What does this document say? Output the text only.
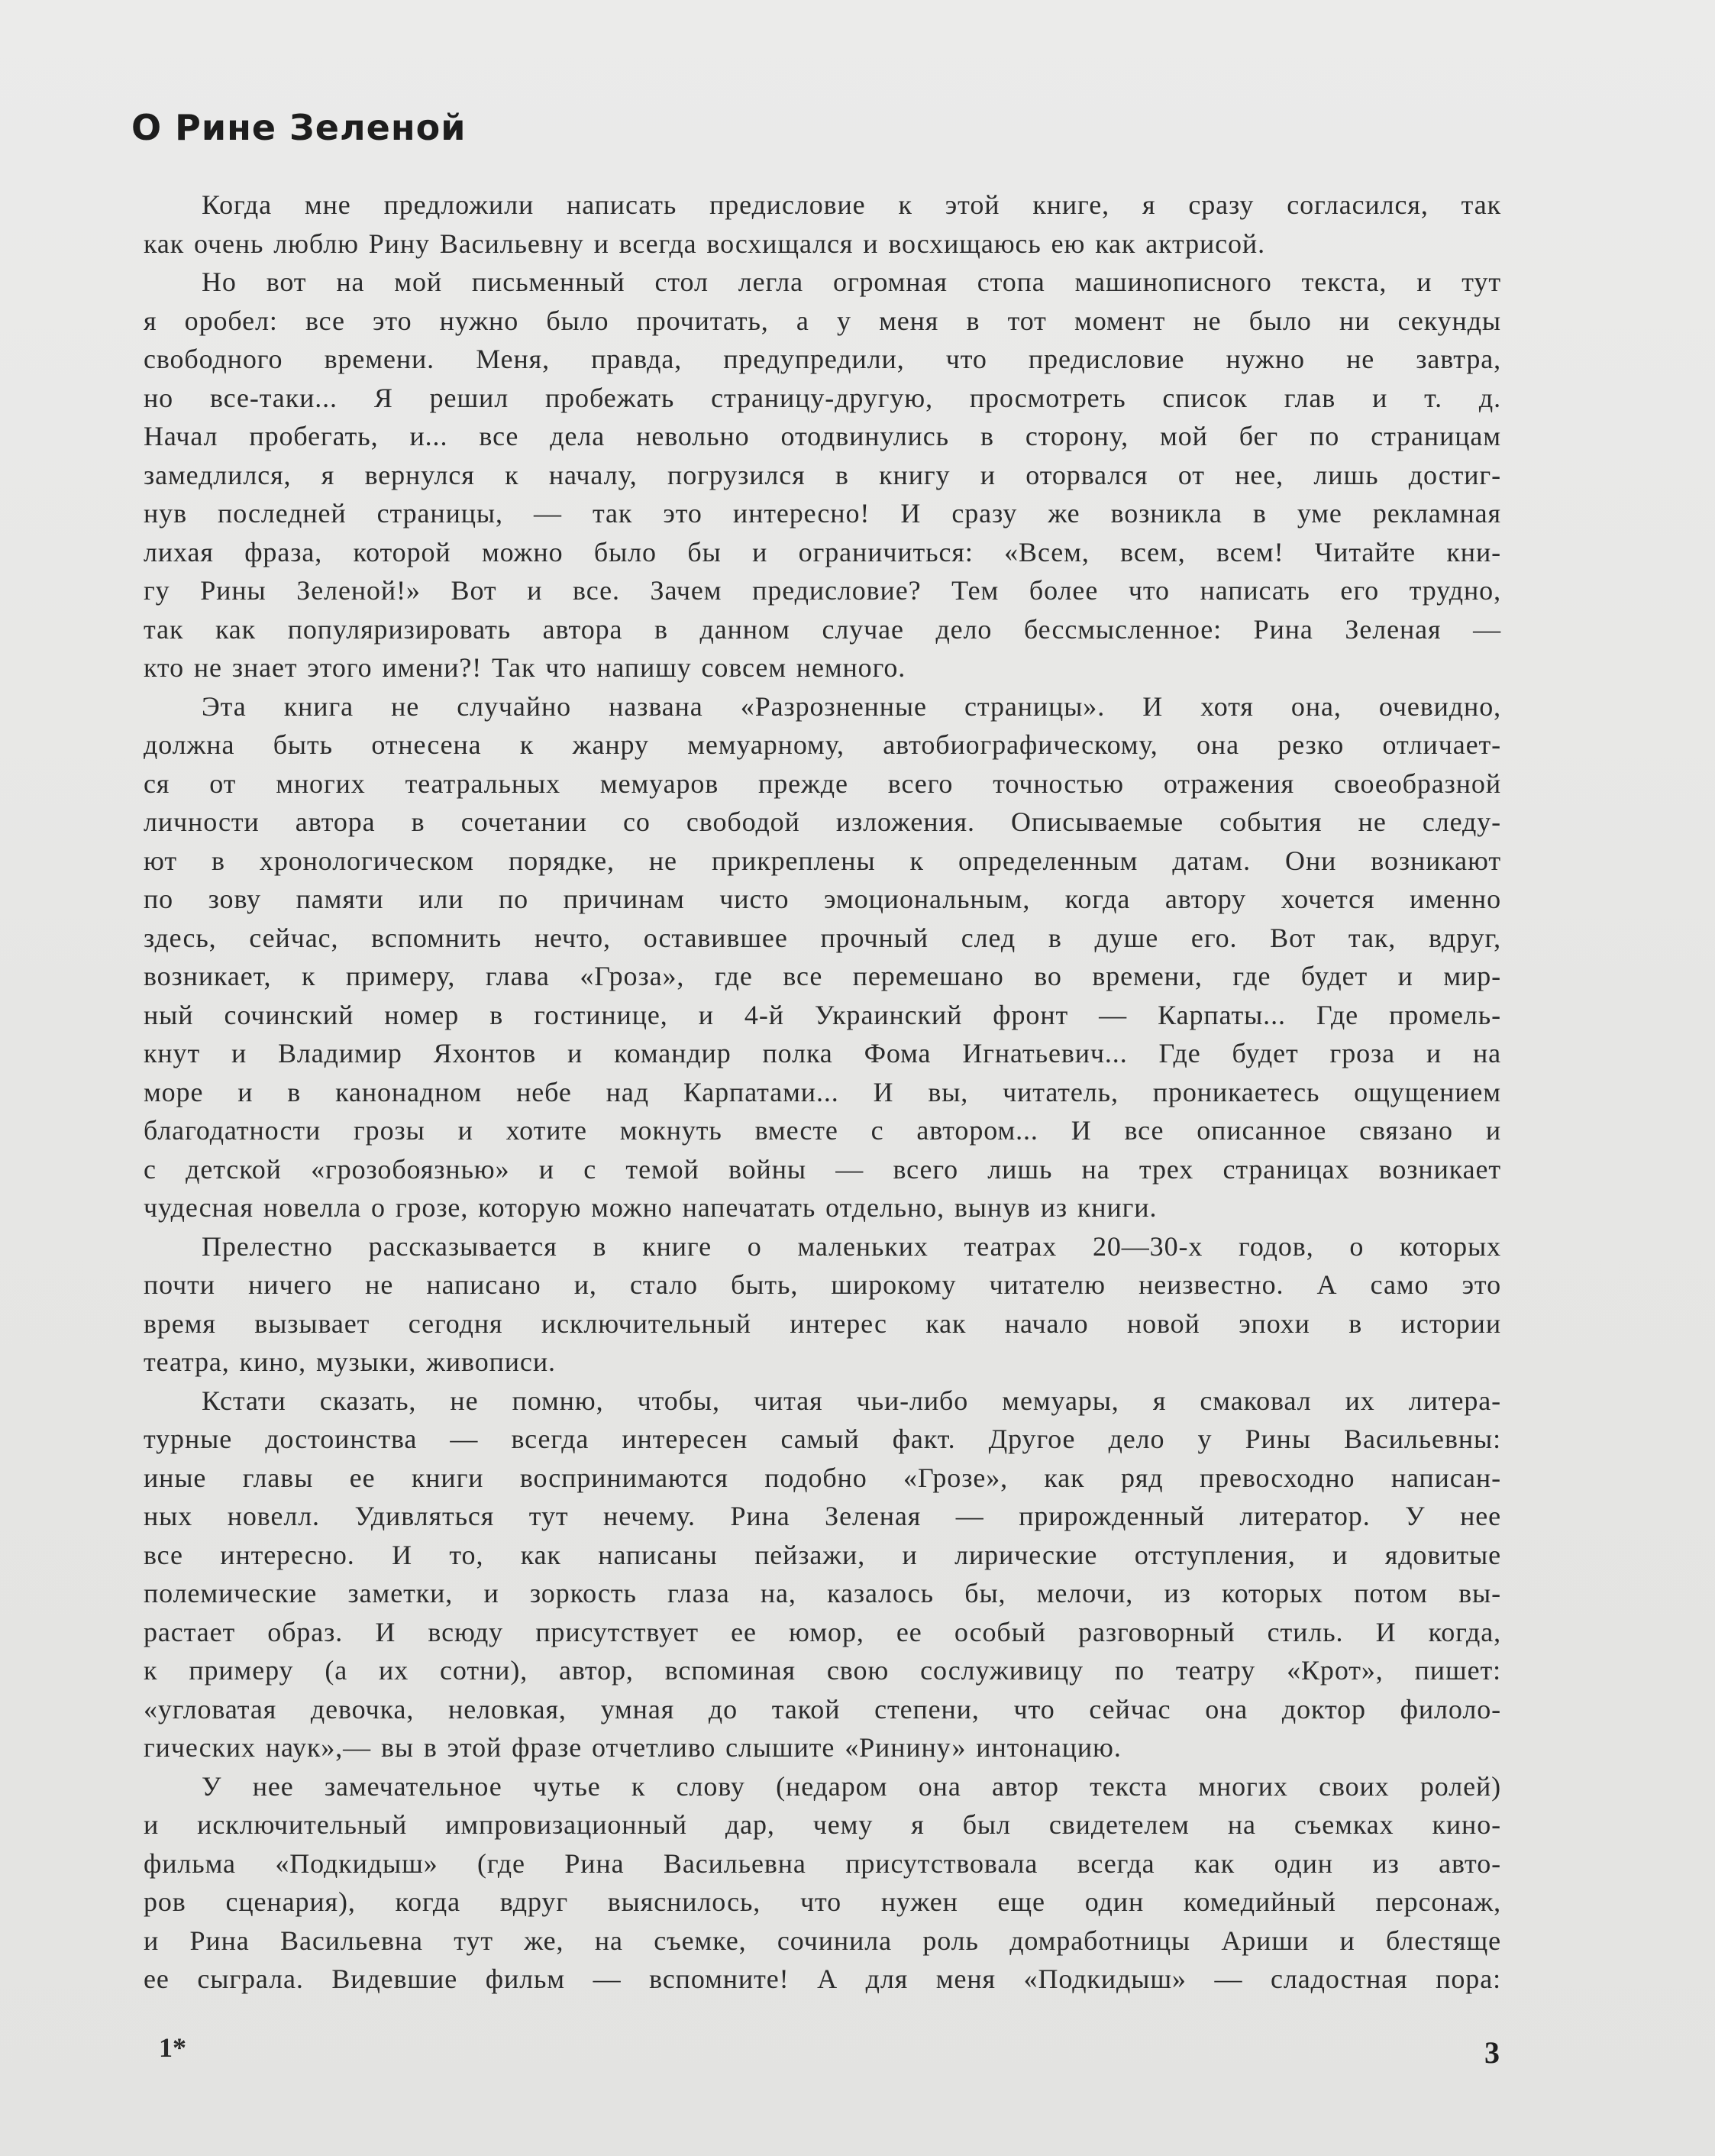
О Рине Зеленой
Когда мне предложили написать предисловие к этой книге, я сразу согласился, так
как очень люблю Рину Васильевну и всегда восхищался и восхищаюсь ею как актрисой.
Но вот на мой письменный стол легла огромная стопа машинописного текста, и тут
я оробел: все это нужно было прочитать, а у меня в тот момент не было ни секунды
свободного времени. Меня, правда, предупредили, что предисловие нужно не завтра,
но все-таки... Я решил пробежать страницу-другую, просмотреть список глав и т. д.
Начал пробегать, и... все дела невольно отодвинулись в сторону, мой бег по страницам
замедлился, я вернулся к началу, погрузился в книгу и оторвался от нее, лишь достиг-
нув последней страницы, — так это интересно! И сразу же возникла в уме рекламная
лихая фраза, которой можно было бы и ограничиться: «Всем, всем, всем! Читайте кни-
гу Рины Зеленой!» Вот и все. Зачем предисловие? Тем более что написать его трудно,
так как популяризировать автора в данном случае дело бессмысленное: Рина Зеленая —
кто не знает этого имени?! Так что напишу совсем немного.
Эта книга не случайно названа «Разрозненные страницы». И хотя она, очевидно,
должна быть отнесена к жанру мемуарному, автобиографическому, она резко отличает-
ся от многих театральных мемуаров прежде всего точностью отражения своеобразной
личности автора в сочетании со свободой изложения. Описываемые события не следу-
ют в хронологическом порядке, не прикреплены к определенным датам. Они возникают
по зову памяти или по причинам чисто эмоциональным, когда автору хочется именно
здесь, сейчас, вспомнить нечто, оставившее прочный след в душе его. Вот так, вдруг,
возникает, к примеру, глава «Гроза», где все перемешано во времени, где будет и мир-
ный сочинский номер в гостинице, и 4-й Украинский фронт — Карпаты... Где промель-
кнут и Владимир Яхонтов и командир полка Фома Игнатьевич... Где будет гроза и на
море и в канонадном небе над Карпатами... И вы, читатель, проникаетесь ощущением
благодатности грозы и хотите мокнуть вместе с автором... И все описанное связано и
с детской «грозобоязнью» и с темой войны — всего лишь на трех страницах возникает
чудесная новелла о грозе, которую можно напечатать отдельно, вынув из книги.
Прелестно рассказывается в книге о маленьких театрах 20—30-х годов, о которых
почти ничего не написано и, стало быть, широкому читателю неизвестно. А само это
время вызывает сегодня исключительный интерес как начало новой эпохи в истории
театра, кино, музыки, живописи.
Кстати сказать, не помню, чтобы, читая чьи-либо мемуары, я смаковал их литера-
турные достоинства — всегда интересен самый факт. Другое дело у Рины Васильевны:
иные главы ее книги воспринимаются подобно «Грозе», как ряд превосходно написан-
ных новелл. Удивляться тут нечему. Рина Зеленая — прирожденный литератор. У нее
все интересно. И то, как написаны пейзажи, и лирические отступления, и ядовитые
полемические заметки, и зоркость глаза на, казалось бы, мелочи, из которых потом вы-
растает образ. И всюду присутствует ее юмор, ее особый разговорный стиль. И когда,
к примеру (а их сотни), автор, вспоминая свою сослуживицу по театру «Крот», пишет:
«угловатая девочка, неловкая, умная до такой степени, что сейчас она доктор филоло-
гических наук»,— вы в этой фразе отчетливо слышите «Ринину» интонацию.
У нее замечательное чутье к слову (недаром она автор текста многих своих ролей)
и исключительный импровизационный дар, чему я был свидетелем на съемках кино-
фильма «Подкидыш» (где Рина Васильевна присутствовала всегда как один из авто-
ров сценария), когда вдруг выяснилось, что нужен еще один комедийный персонаж,
и Рина Васильевна тут же, на съемке, сочинила роль домработницы Ариши и блестяще
ее сыграла. Видевшие фильм — вспомните! А для меня «Подкидыш» — сладостная пора:
1*	3
